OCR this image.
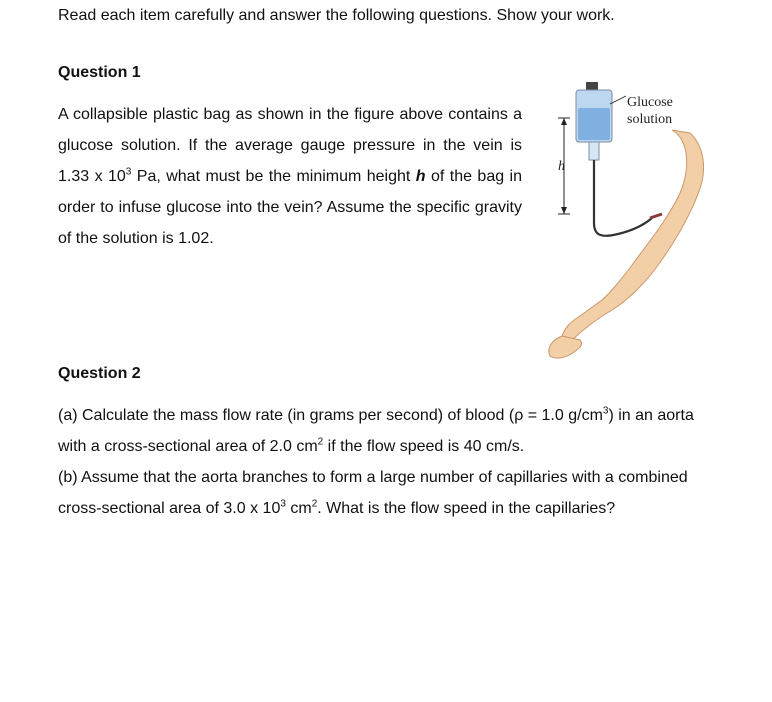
Read each item carefully and answer the following questions. Show your work.
Question 1
A collapsible plastic bag as shown in the figure above contains a glucose solution. If the average gauge pressure in the vein is 1.33 x $10^3$ Pa, what must be the minimum height h of the bag in order to infuse glucose into the vein? Assume the specific gravity of the solution is 1.02.
h
Glucose
solution
Question 2

(a) Calculate the mass flow rate (in grams per second) of blood (ρ = 1.0 $g/cm^3$) in an aorta with a cross-sectional area of 2.0 $cm^2$ if the flow speed is 40 cm/s.

(b) Assume that the aorta branches to form a large number of capillaries with a combined cross-sectional area of 3.0 x $10^3$ $cm^2$. What is the flow speed in the capillaries?
